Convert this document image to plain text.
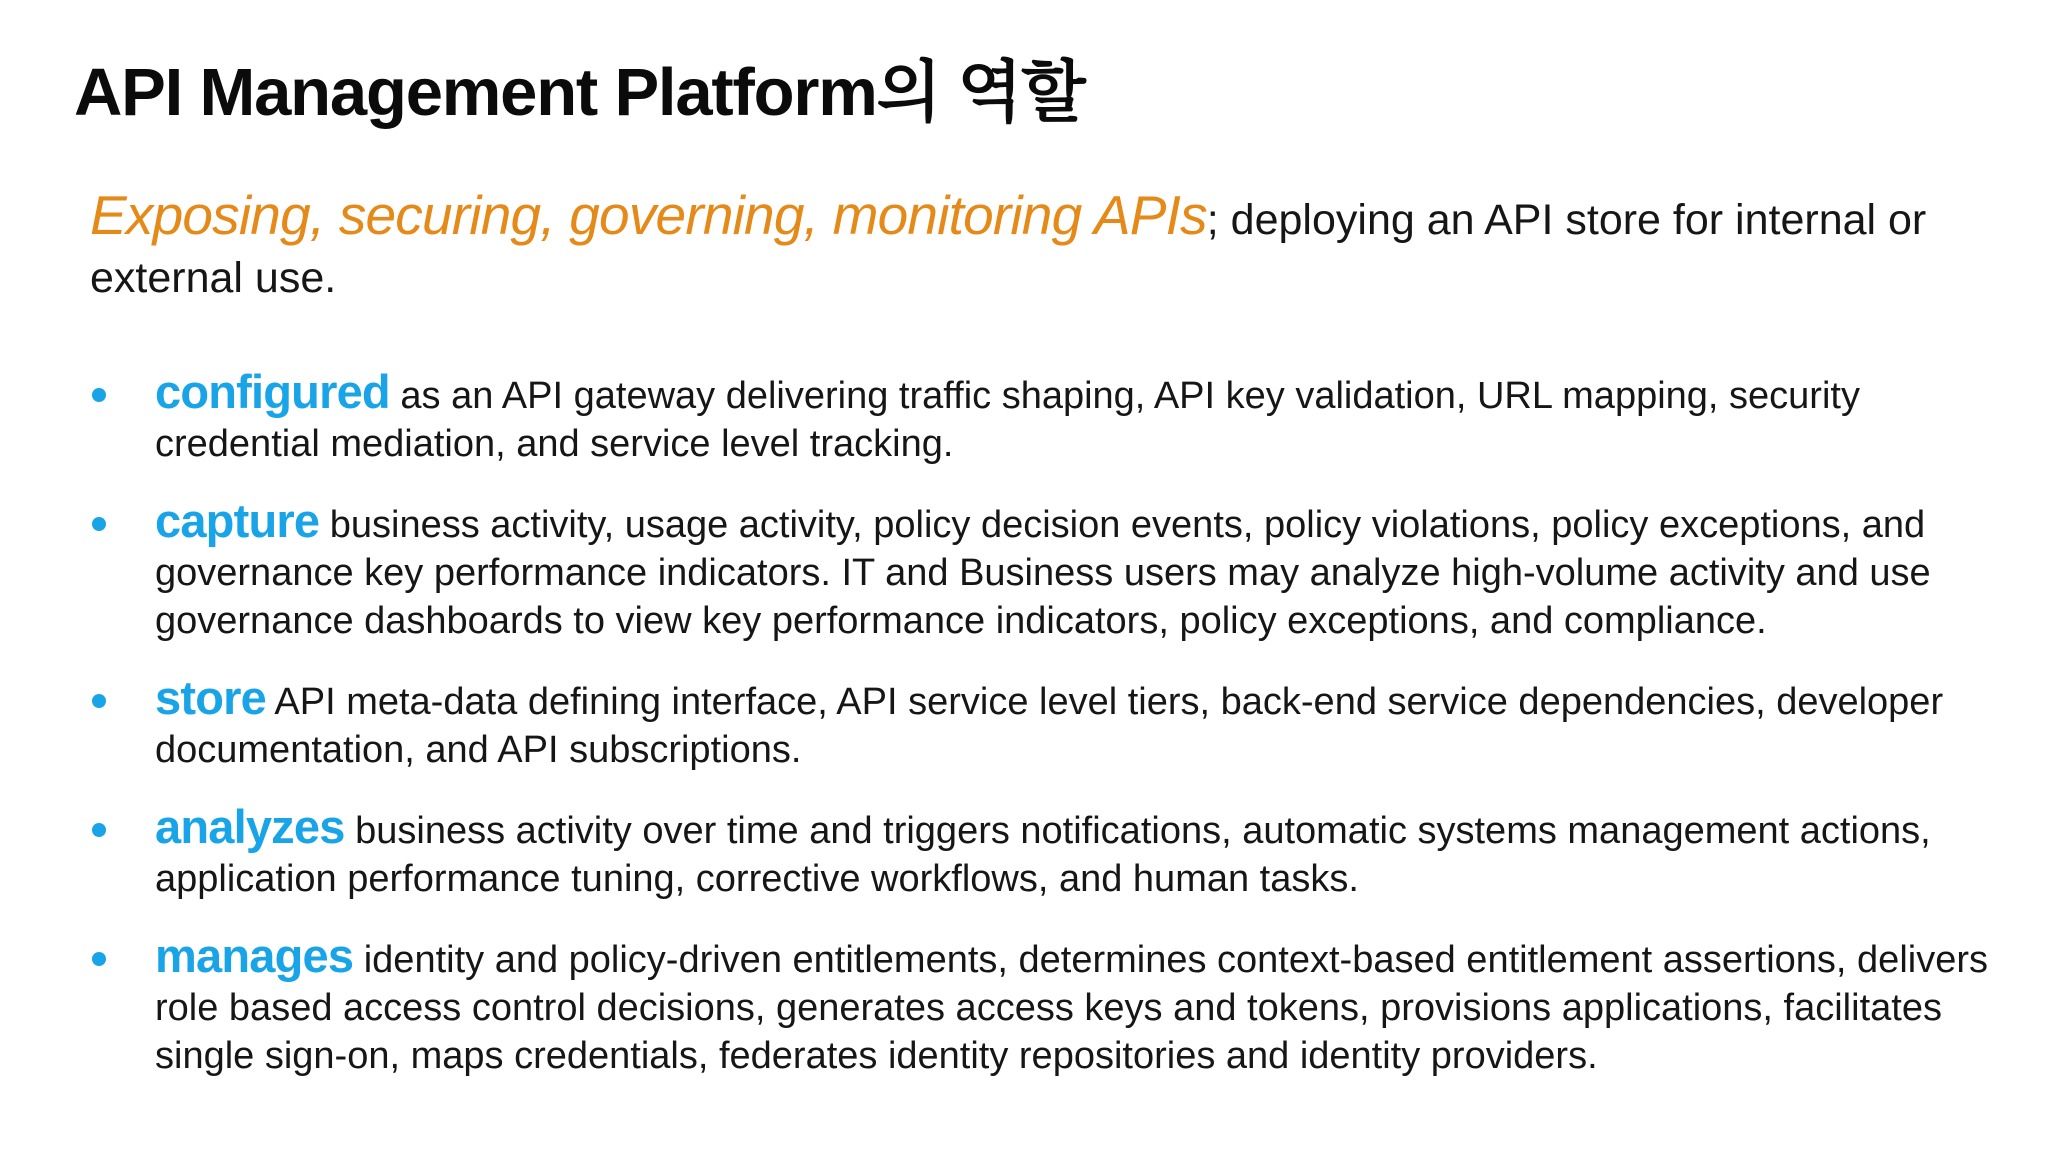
API Management Platform의 역할
Exposing, securing, governing, monitoring APIs; deploying an API store for internal or external use.
configured as an API gateway delivering traffic shaping, API key validation, URL mapping, security credential mediation, and service level tracking.
capture business activity, usage activity, policy decision events, policy violations, policy exceptions, and governance key performance indicators. IT and Business users may analyze high-volume activity and use governance dashboards to view key performance indicators, policy exceptions, and compliance.
store API meta-data defining interface, API service level tiers, back-end service dependencies, developer documentation, and API subscriptions.
analyzes business activity over time and triggers notifications, automatic systems management actions, application performance tuning, corrective workflows, and human tasks.
manages identity and policy-driven entitlements, determines context-based entitlement assertions, delivers role based access control decisions, generates access keys and tokens, provisions applications, facilitates single sign-on, maps credentials, federates identity repositories and identity providers.
